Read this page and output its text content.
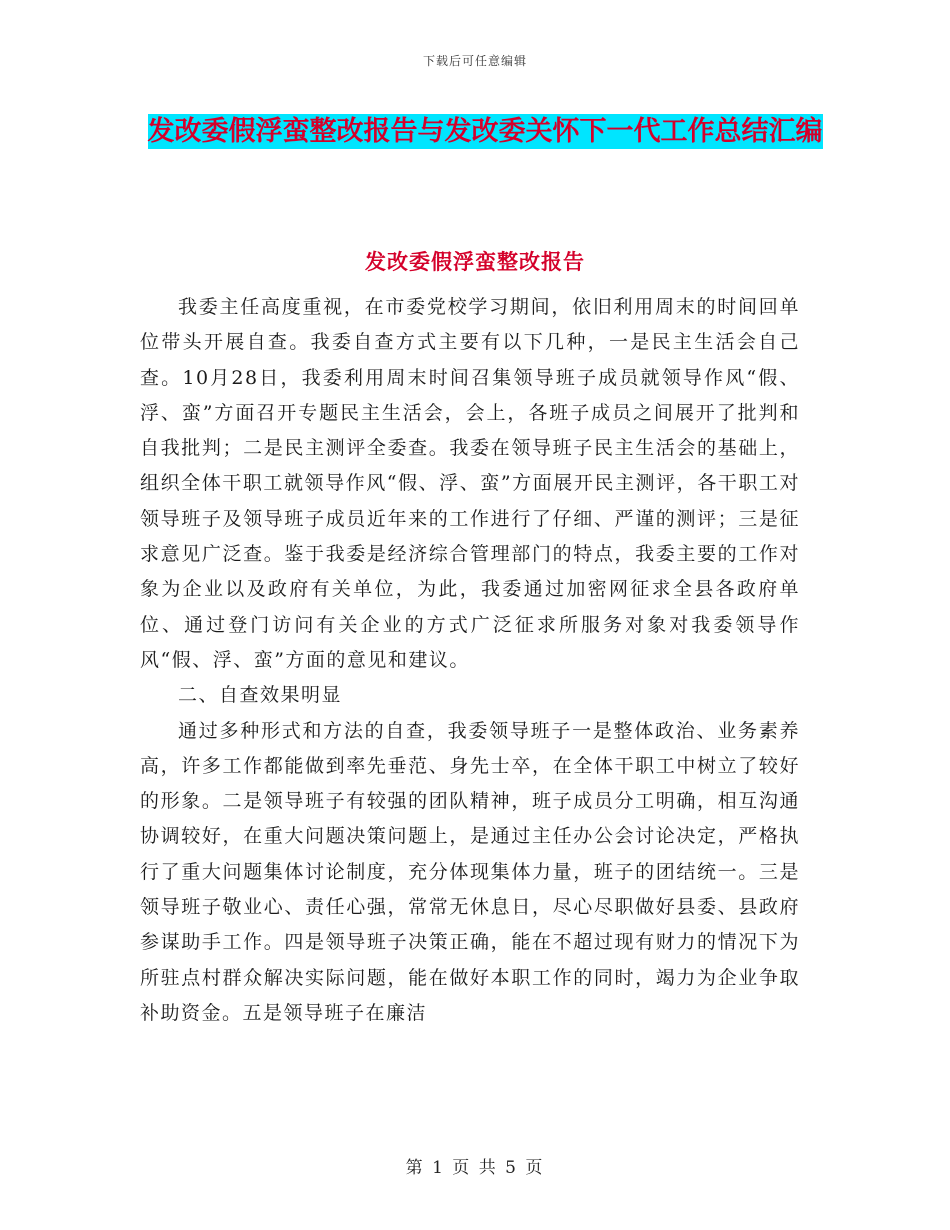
下载后可任意编辑
发改委假浮蛮整改报告与发改委关怀下一代工作总结汇编
发改委假浮蛮整改报告

我委主任高度重视，在市委党校学习期间，依旧利用周末的时间回单位带头开展自查。我委自查方式主要有以下几种，一是民主生活会自己查。10月28日，我委利用周末时间召集领导班子成员就领导作风“假、浮、蛮”方面召开专题民主生活会，会上，各班子成员之间展开了批判和自我批判；二是民主测评全委查。我委在领导班子民主生活会的基础上，组织全体干职工就领导作风“假、浮、蛮”方面展开民主测评，各干职工对领导班子及领导班子成员近年来的工作进行了仔细、严谨的测评；三是征求意见广泛查。鉴于我委是经济综合管理部门的特点，我委主要的工作对象为企业以及政府有关单位，为此，我委通过加密网征求全县各政府单位、通过登门访问有关企业的方式广泛征求所服务对象对我委领导作风“假、浮、蛮”方面的意见和建议。

二、自查效果明显

通过多种形式和方法的自查，我委领导班子一是整体政治、业务素养高，许多工作都能做到率先垂范、身先士卒，在全体干职工中树立了较好的形象。二是领导班子有较强的团队精神，班子成员分工明确，相互沟通协调较好，在重大问题决策问题上，是通过主任办公会讨论决定，严格执行了重大问题集体讨论制度，充分体现集体力量，班子的团结统一。三是领导班子敬业心、责任心强，常常无休息日，尽心尽职做好县委、县政府参谋助手工作。四是领导班子决策正确，能在不超过现有财力的情况下为所驻点村群众解决实际问题，能在做好本职工作的同时，竭力为企业争取补助资金。五是领导班子在廉洁

第 1 页 共 5 页
